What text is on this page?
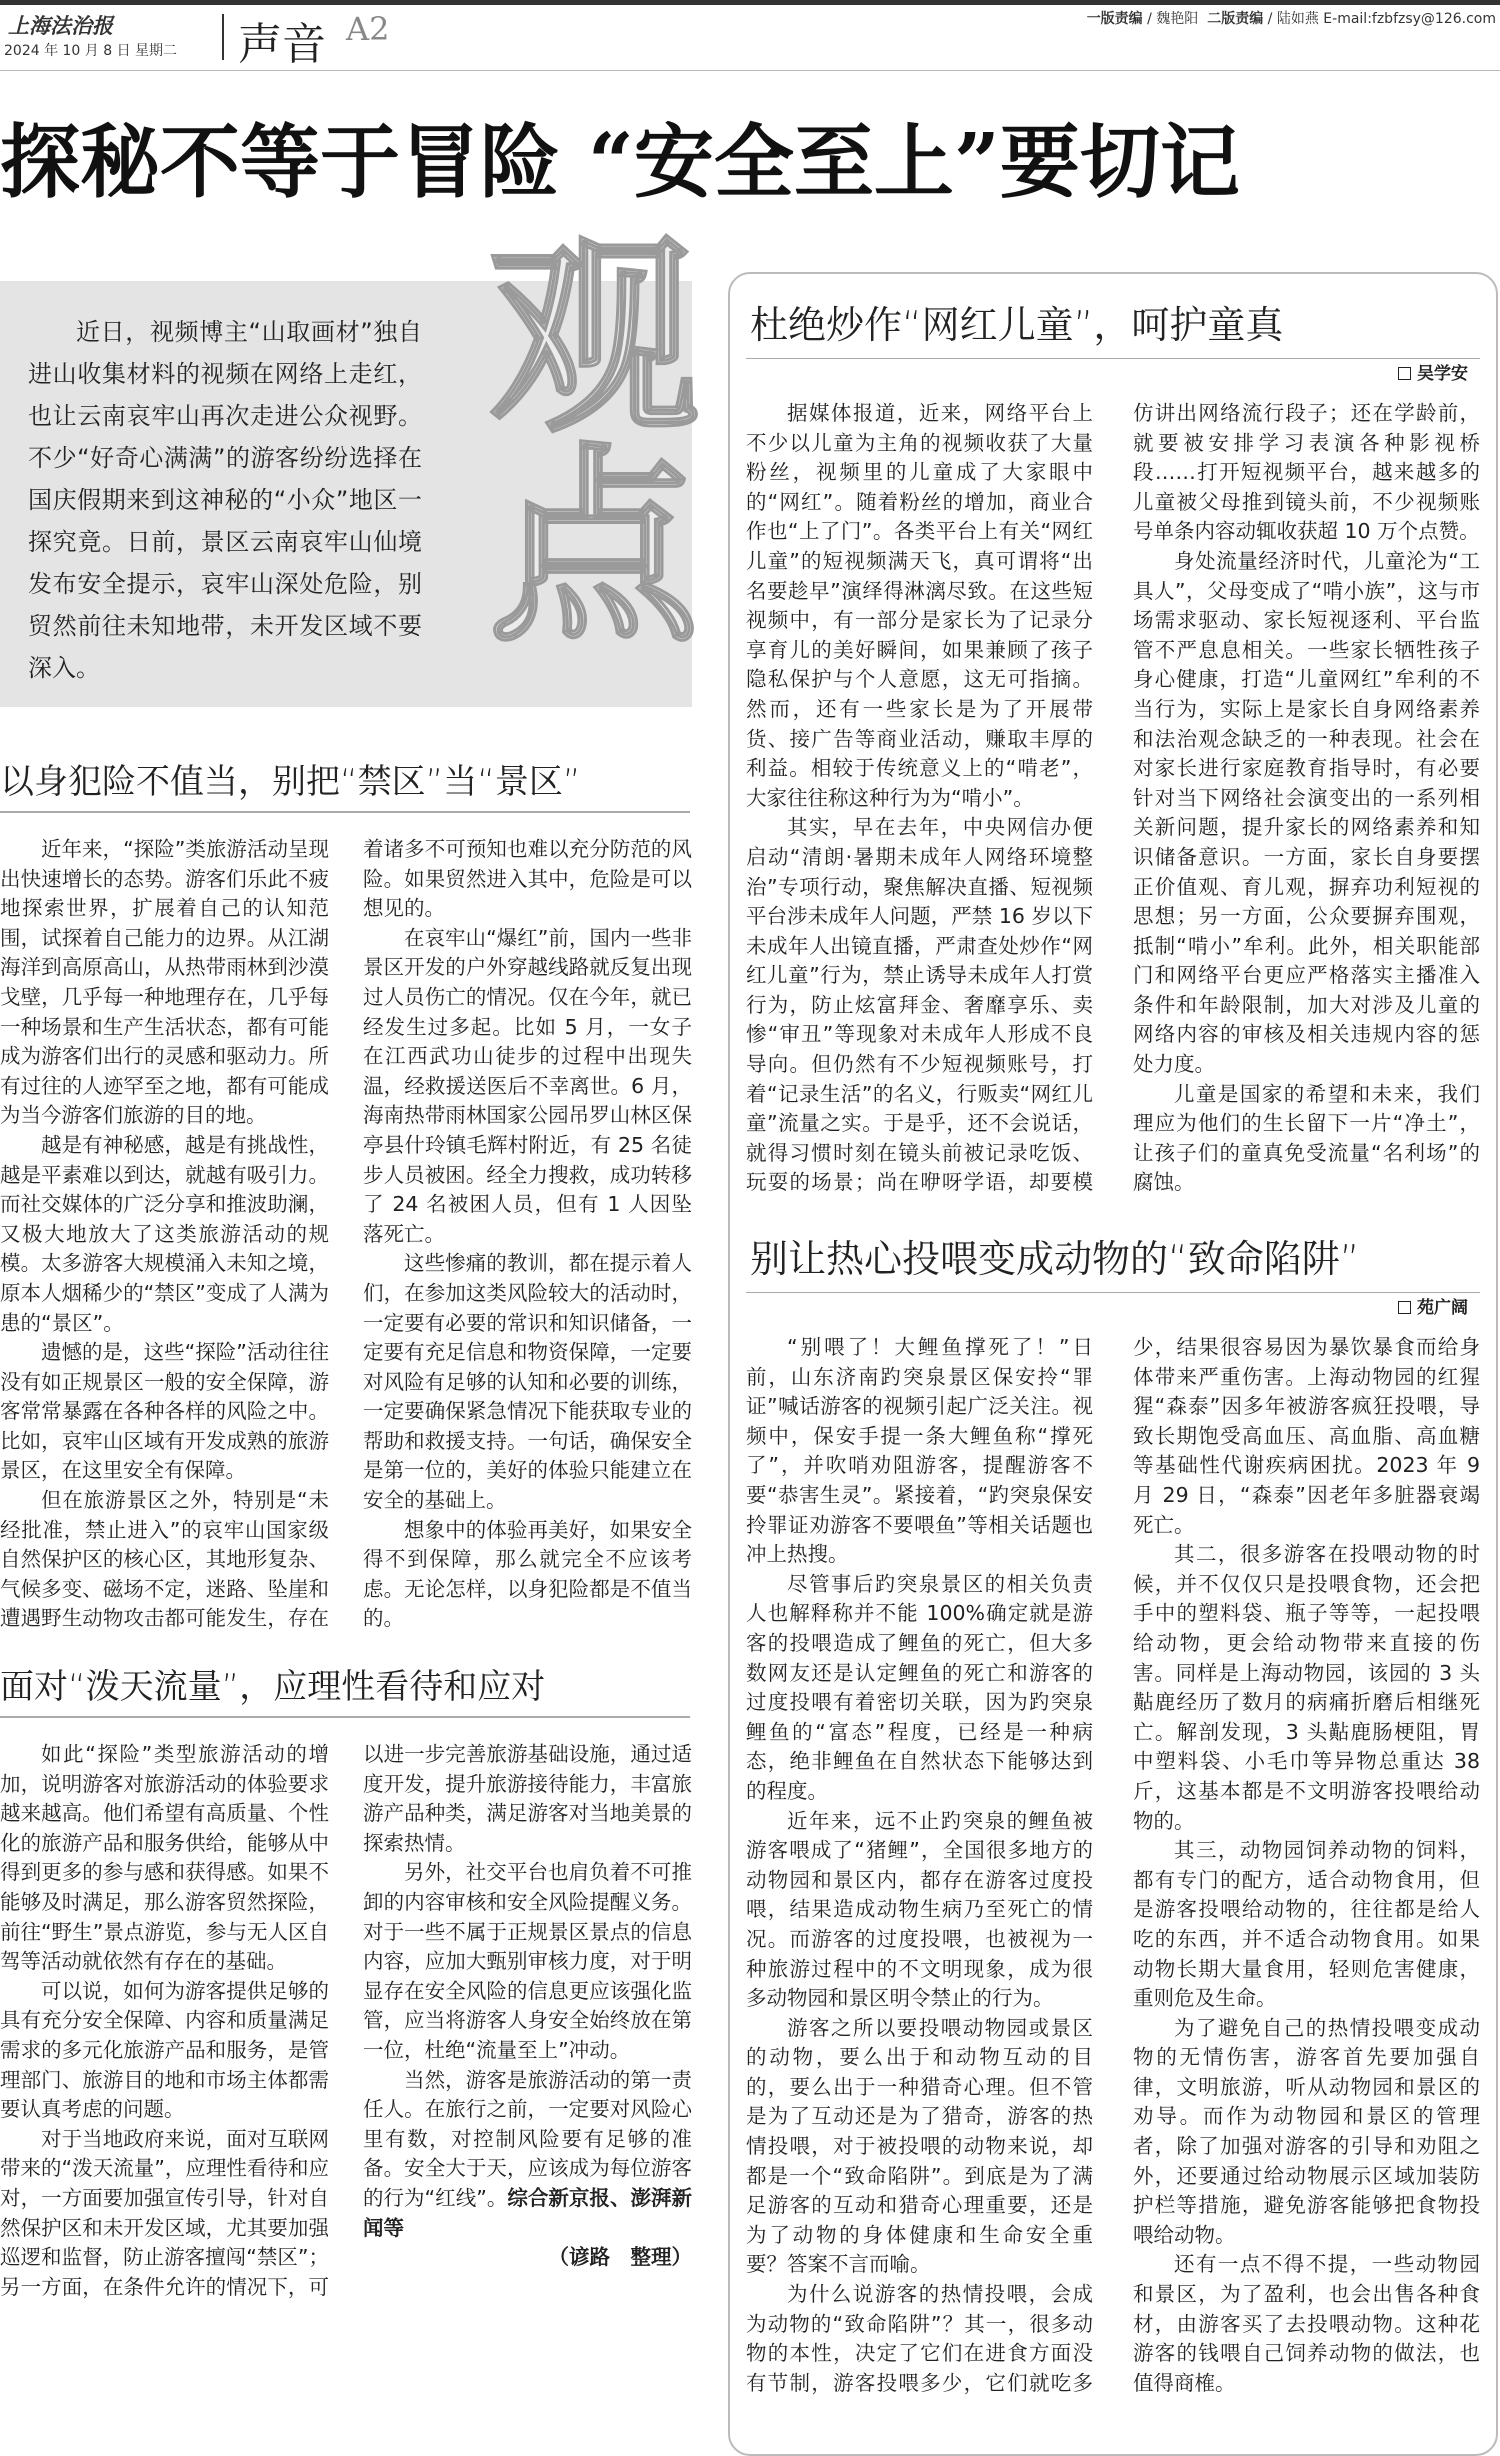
上海法治报
2024 年 10 月 8 日 星期二 声音 A2	一版责编 / 魏艳阳 二版责编 / 陆如燕 E-mail:fzbfzsy@126.com
探秘不等于冒险 “安全至上”要切记

近日，视频博主“山取画材”独自进山收集材料的视频在网络上走红，也让云南哀牢山再次走进公众视野。不少“好奇心满满”的游客纷纷选择在国庆假期来到这神秘的“小众”地区一探究竟。日前，景区云南哀牢山仙境发布安全提示，哀牢山深处危险，别贸然前往未知地带，未开发区域不要深入。

观点
以身犯险不值当，别把“禁区”当“景区”

近年来，“探险”类旅游活动呈现出快速增长的态势。游客们乐此不疲地探索世界，扩展着自己的认知范围，试探着自己能力的边界。从江湖海洋到高原高山，从热带雨林到沙漠戈壁，几乎每一种地理存在，几乎每一种场景和生产生活状态，都有可能成为游客们出行的灵感和驱动力。所有过往的人迹罕至之地，都有可能成为当今游客们旅游的目的地。

越是有神秘感，越是有挑战性，越是平素难以到达，就越有吸引力。而社交媒体的广泛分享和推波助澜，又极大地放大了这类旅游活动的规模。太多游客大规模涌入未知之境，原本人烟稀少的“禁区”变成了人满为患的“景区”。

遗憾的是，这些“探险”活动往往没有如正规景区一般的安全保障，游客常常暴露在各种各样的风险之中。比如，哀牢山区域有开发成熟的旅游景区，在这里安全有保障。

但在旅游景区之外，特别是“未经批准，禁止进入”的哀牢山国家级自然保护区的核心区，其地形复杂、气候多变、磁场不定，迷路、坠崖和遭遇野生动物攻击都可能发生，存在着诸多不可预知也难以充分防范的风险。如果贸然进入其中，危险是可以想见的。

在哀牢山“爆红”前，国内一些非景区开发的户外穿越线路就反复出现过人员伤亡的情况。仅在今年，就已经发生过多起。比如 5 月，一女子在江西武功山徒步的过程中出现失温，经救援送医后不幸离世。6 月，海南热带雨林国家公园吊罗山林区保亭县什玲镇毛辉村附近，有 25 名徒步人员被困。经全力搜救，成功转移了 24 名被困人员，但有 1 人因坠落死亡。

这些惨痛的教训，都在提示着人们，在参加这类风险较大的活动时，一定要有必要的常识和知识储备，一定要有充足信息和物资保障，一定要对风险有足够的认知和必要的训练，一定要确保紧急情况下能获取专业的帮助和救援支持。一句话，确保安全是第一位的，美好的体验只能建立在安全的基础上。

想象中的体验再美好，如果安全得不到保障，那么就完全不应该考虑。无论怎样，以身犯险都是不值当的。

面对“泼天流量”，应理性看待和应对

如此“探险”类型旅游活动的增加，说明游客对旅游活动的体验要求越来越高。他们希望有高质量、个性化的旅游产品和服务供给，能够从中得到更多的参与感和获得感。如果不能够及时满足，那么游客贸然探险，前往“野生”景点游览，参与无人区自驾等活动就依然有存在的基础。

可以说，如何为游客提供足够的具有充分安全保障、内容和质量满足需求的多元化旅游产品和服务，是管理部门、旅游目的地和市场主体都需要认真考虑的问题。

对于当地政府来说，面对互联网带来的“泼天流量”，应理性看待和应对，一方面要加强宣传引导，针对自然保护区和未开发区域，尤其要加强巡逻和监督，防止游客擅闯“禁区”；另一方面，在条件允许的情况下，可以进一步完善旅游基础设施，通过适度开发，提升旅游接待能力，丰富旅游产品种类，满足游客对当地美景的探索热情。

另外，社交平台也肩负着不可推卸的内容审核和安全风险提醒义务。对于一些不属于正规景区景点的信息内容，应加大甄别审核力度，对于明显存在安全风险的信息更应该强化监管，应当将游客人身安全始终放在第一位，杜绝“流量至上”冲动。

当然，游客是旅游活动的第一责任人。在旅行之前，一定要对风险心里有数，对控制风险要有足够的准备。安全大于天，应该成为每位游客的行为“红线”。综合新京报、澎湃新闻等
（谚路　整理）

杜绝炒作“网红儿童”，呵护童真
吴学安

据媒体报道，近来，网络平台上不少以儿童为主角的视频收获了大量粉丝，视频里的儿童成了大家眼中的“网红”。随着粉丝的增加，商业合作也“上了门”。各类平台上有关“网红儿童”的短视频满天飞，真可谓将“出名要趁早”演绎得淋漓尽致。在这些短视频中，有一部分是家长为了记录分享育儿的美好瞬间，如果兼顾了孩子隐私保护与个人意愿，这无可指摘。然而，还有一些家长是为了开展带货、接广告等商业活动，赚取丰厚的利益。相较于传统意义上的“啃老”，大家往往称这种行为为“啃小”。

其实，早在去年，中央网信办便启动“清朗·暑期未成年人网络环境整治”专项行动，聚焦解决直播、短视频平台涉未成年人问题，严禁 16 岁以下未成年人出镜直播，严肃查处炒作“网红儿童”行为，禁止诱导未成年人打赏行为，防止炫富拜金、奢靡享乐、卖惨“审丑”等现象对未成年人形成不良导向。但仍然有不少短视频账号，打着“记录生活”的名义，行贩卖“网红儿童”流量之实。于是乎，还不会说话，就得习惯时刻在镜头前被记录吃饭、玩耍的场景；尚在咿呀学语，却要模仿讲出网络流行段子；还在学龄前，就要被安排学习表演各种影视桥段……打开短视频平台，越来越多的儿童被父母推到镜头前，不少视频账号单条内容动辄收获超 10 万个点赞。

身处流量经济时代，儿童沦为“工具人”，父母变成了“啃小族”，这与市场需求驱动、家长短视逐利、平台监管不严息息相关。一些家长牺牲孩子身心健康，打造“儿童网红”牟利的不当行为，实际上是家长自身网络素养和法治观念缺乏的一种表现。社会在对家长进行家庭教育指导时，有必要针对当下网络社会演变出的一系列相关新问题，提升家长的网络素养和知识储备意识。一方面，家长自身要摆正价值观、育儿观，摒弃功利短视的思想；另一方面，公众要摒弃围观，抵制“啃小”牟利。此外，相关职能部门和网络平台更应严格落实主播准入条件和年龄限制，加大对涉及儿童的网络内容的审核及相关违规内容的惩处力度。

儿童是国家的希望和未来，我们理应为他们的生长留下一片“净土”，让孩子们的童真免受流量“名利场”的腐蚀。

别让热心投喂变成动物的“致命陷阱”
苑广阔

“别喂了！大鲤鱼撑死了！”日前，山东济南趵突泉景区保安拎“罪证”喊话游客的视频引起广泛关注。视频中，保安手提一条大鲤鱼称“撑死了”，并吹哨劝阻游客，提醒游客不要“恭害生灵”。紧接着，“趵突泉保安拎罪证劝游客不要喂鱼”等相关话题也冲上热搜。

尽管事后趵突泉景区的相关负责人也解释称并不能 100%确定就是游客的投喂造成了鲤鱼的死亡，但大多数网友还是认定鲤鱼的死亡和游客的过度投喂有着密切关联，因为趵突泉鲤鱼的“富态”程度，已经是一种病态，绝非鲤鱼在自然状态下能够达到的程度。

近年来，远不止趵突泉的鲤鱼被游客喂成了“猪鲤”，全国很多地方的动物园和景区内，都存在游客过度投喂，结果造成动物生病乃至死亡的情况。而游客的过度投喂，也被视为一种旅游过程中的不文明现象，成为很多动物园和景区明令禁止的行为。

游客之所以要投喂动物园或景区的动物，要么出于和动物互动的目的，要么出于一种猎奇心理。但不管是为了互动还是为了猎奇，游客的热情投喂，对于被投喂的动物来说，却都是一个“致命陷阱”。到底是为了满足游客的互动和猎奇心理重要，还是为了动物的身体健康和生命安全重要？答案不言而喻。

为什么说游客的热情投喂，会成为动物的“致命陷阱”？其一，很多动物的本性，决定了它们在进食方面没有节制，游客投喂多少，它们就吃多少，结果很容易因为暴饮暴食而给身体带来严重伤害。上海动物园的红猩猩“森泰”因多年被游客疯狂投喂，导致长期饱受高血压、高血脂、高血糖等基础性代谢疾病困扰。2023 年 9 月 29 日，“森泰”因老年多脏器衰竭死亡。

其二，很多游客在投喂动物的时候，并不仅仅只是投喂食物，还会把手中的塑料袋、瓶子等等，一起投喂给动物，更会给动物带来直接的伤害。同样是上海动物园，该园的 3 头黇鹿经历了数月的病痛折磨后相继死亡。解剖发现，3 头黇鹿肠梗阻，胃中塑料袋、小毛巾等异物总重达 38 斤，这基本都是不文明游客投喂给动物的。

其三，动物园饲养动物的饲料，都有专门的配方，适合动物食用，但是游客投喂给动物的，往往都是给人吃的东西，并不适合动物食用。如果动物长期大量食用，轻则危害健康，重则危及生命。

为了避免自己的热情投喂变成动物的无情伤害，游客首先要加强自律，文明旅游，听从动物园和景区的劝导。而作为动物园和景区的管理者，除了加强对游客的引导和劝阻之外，还要通过给动物展示区域加装防护栏等措施，避免游客能够把食物投喂给动物。

还有一点不得不提，一些动物园和景区，为了盈利，也会出售各种食材，由游客买了去投喂动物。这种花游客的钱喂自己饲养动物的做法，也值得商榷。
